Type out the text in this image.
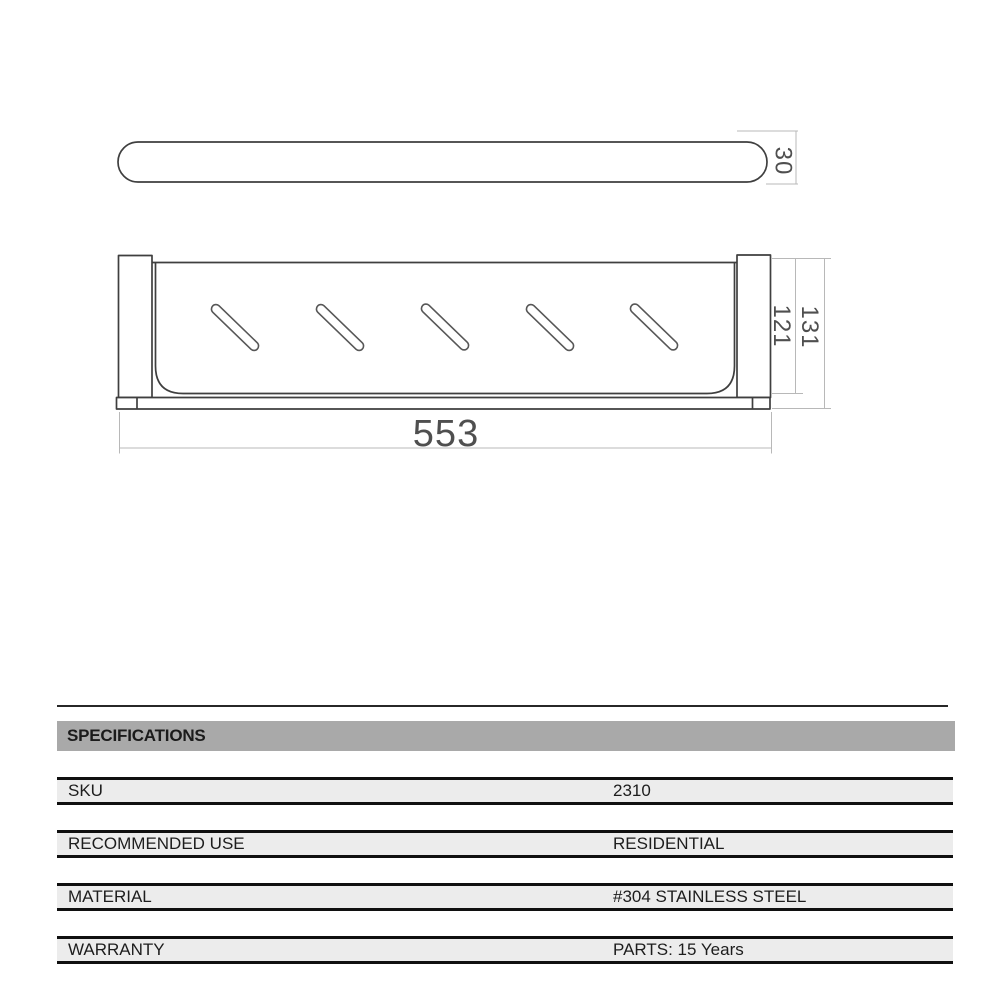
30
121 131
553
SPECIFICATIONS
SKU	2310
RECOMMENDED USE	RESIDENTIAL
MATERIAL	#304 STAINLESS STEEL
WARRANTY	PARTS: 15 Years
